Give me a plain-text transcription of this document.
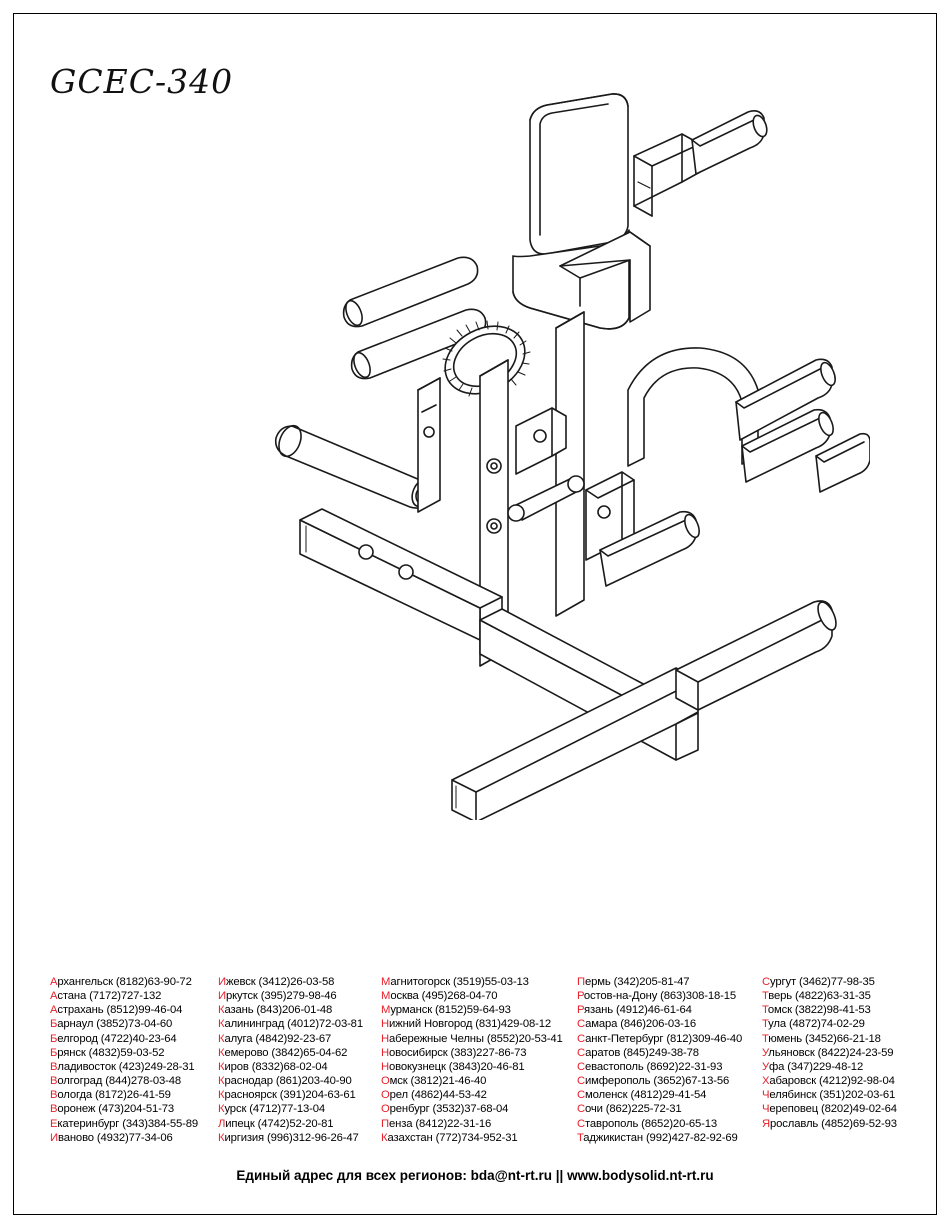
GCEC-340
Архангельск (8182)63-90-72
Астана (7172)727-132
Астрахань (8512)99-46-04
Барнаул (3852)73-04-60
Белгород (4722)40-23-64
Брянск (4832)59-03-52
Владивосток (423)249-28-31
Волгоград (844)278-03-48
Вологда (8172)26-41-59
Воронеж (473)204-51-73
Екатеринбург (343)384-55-89
Иваново (4932)77-34-06
Ижевск (3412)26-03-58
Иркутск (395)279-98-46
Казань (843)206-01-48
Калининград (4012)72-03-81
Калуга (4842)92-23-67
Кемерово (3842)65-04-62
Киров (8332)68-02-04
Краснодар (861)203-40-90
Красноярск (391)204-63-61
Курск (4712)77-13-04
Липецк (4742)52-20-81
Киргизия (996)312-96-26-47
Магнитогорск (3519)55-03-13
Москва (495)268-04-70
Мурманск (8152)59-64-93
Нижний Новгород (831)429-08-12
Набережные Челны (8552)20-53-41
Новосибирск (383)227-86-73
Новокузнецк (3843)20-46-81
Омск (3812)21-46-40
Орел (4862)44-53-42
Оренбург (3532)37-68-04
Пенза (8412)22-31-16
Казахстан (772)734-952-31
Пермь (342)205-81-47
Ростов-на-Дону (863)308-18-15
Рязань (4912)46-61-64
Самара (846)206-03-16
Санкт-Петербург (812)309-46-40
Саратов (845)249-38-78
Севастополь (8692)22-31-93
Симферополь (3652)67-13-56
Смоленск (4812)29-41-54
Сочи (862)225-72-31
Ставрополь (8652)20-65-13
Таджикистан (992)427-82-92-69
Сургут (3462)77-98-35
Тверь (4822)63-31-35
Томск (3822)98-41-53
Тула (4872)74-02-29
Тюмень (3452)66-21-18
Ульяновск (8422)24-23-59
Уфа (347)229-48-12
Хабаровск (4212)92-98-04
Челябинск (351)202-03-61
Череповец (8202)49-02-64
Ярославль (4852)69-52-93
Единый адрес для всех регионов: bda@nt-rt.ru || www.bodysolid.nt-rt.ru
